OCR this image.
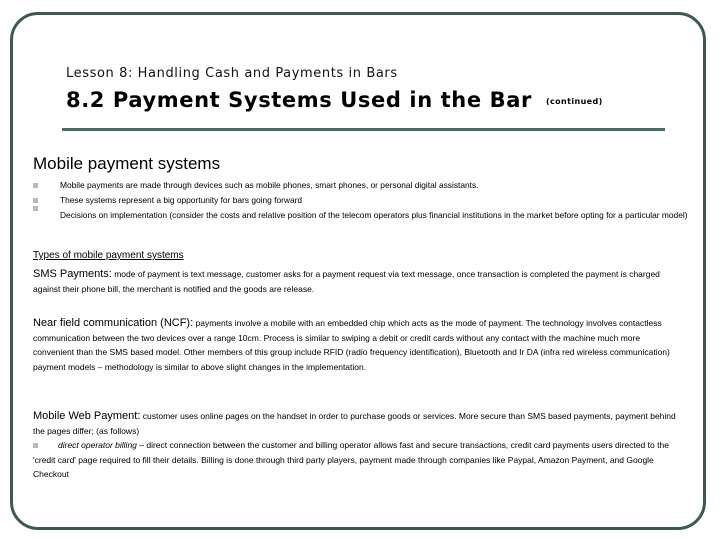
Lesson 8: Handling Cash and Payments in Bars
8.2 Payment Systems Used in the Bar (continued)
Mobile payment systems
Mobile payments are made through devices such as mobile phones, smart phones, or personal digital assistants.
These systems represent a big opportunity for bars going forward
Decisions on implementation (consider the costs and relative position of the telecom operators plus financial institutions in the market before opting for a particular model)
Types of mobile payment systems
SMS Payments: mode of payment is text message, customer asks for a payment request via text message, once transaction is completed the payment is charged against their phone bill, the merchant is notified and the goods are release.
Near field communication (NCF): payments involve a mobile with an embedded chip which acts as the mode of payment. The technology involves contactless communication between the two devices over a range 10cm. Process is similar to swiping a debit or credit cards without any contact with the machine much more convenient than the SMS based model. Other members of this group include RFID (radio frequency identification), Bluetooth and Ir DA (infra red wireless communication) payment models – methodology is similar to above slight changes in the implementation.
Mobile Web Payment: customer uses online pages on the handset in order to purchase goods or services. More secure than SMS based payments, payment behind the pages differ; (as follows)
direct operator billing – direct connection between the customer and billing operator allows fast and secure transactions, credit card payments users directed to the 'credit card' page required to fill their details. Billing is done through third party players, payment made through companies like Paypal, Amazon Payment, and Google Checkout
